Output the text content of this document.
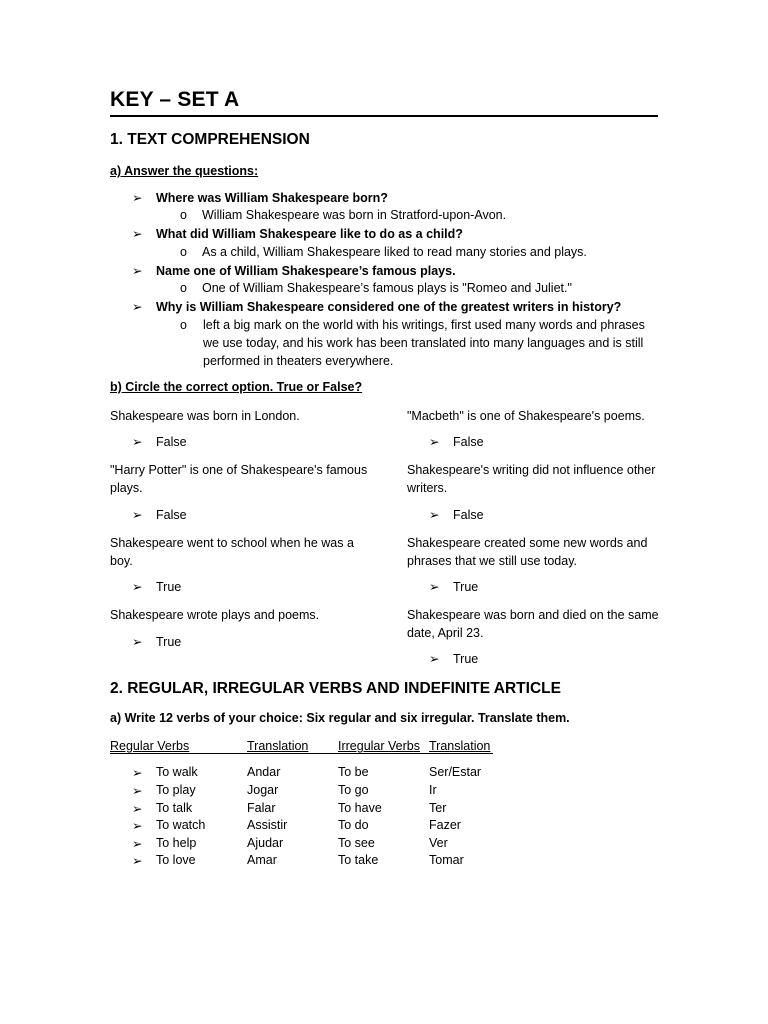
KEY – SET A
1. TEXT COMPREHENSION
a) Answer the questions:
➢ Where was William Shakespeare born?
o William Shakespeare was born in Stratford-upon-Avon.
➢ What did William Shakespeare like to do as a child?
o As a child, William Shakespeare liked to read many stories and plays.
➢ Name one of William Shakespeare’s famous plays.
o One of William Shakespeare’s famous plays is "Romeo and Juliet."
➢ Why is William Shakespeare considered one of the greatest writers in history?
o left a big mark on the world with his writings, first used many words and phrases we use today, and his work has been translated into many languages and is still performed in theaters everywhere.
b) Circle the correct option. True or False?
Shakespeare was born in London.
➢ False
"Harry Potter" is one of Shakespeare's famous plays.
➢ False
Shakespeare went to school when he was a boy.
➢ True
Shakespeare wrote plays and poems.
➢ True
"Macbeth" is one of Shakespeare's poems.
➢ False
Shakespeare's writing did not influence other writers.
➢ False
Shakespeare created some new words and phrases that we still use today.
➢ True
Shakespeare was born and died on the same date, April 23.
➢ True
2. REGULAR, IRREGULAR VERBS AND INDEFINITE ARTICLE
a) Write 12 verbs of your choice: Six regular and six irregular. Translate them.
Regular Verbs	Translation Irregular Verbs Translation
➢ To walk	Andar	To be	Ser/Estar
➢ To play	Jogar	To go	Ir
➢ To talk	Falar	To have	Ter
➢ To watch	Assistir	To do	Fazer
➢ To help	Ajudar	To see	Ver
➢ To love	Amar	To take	Tomar
